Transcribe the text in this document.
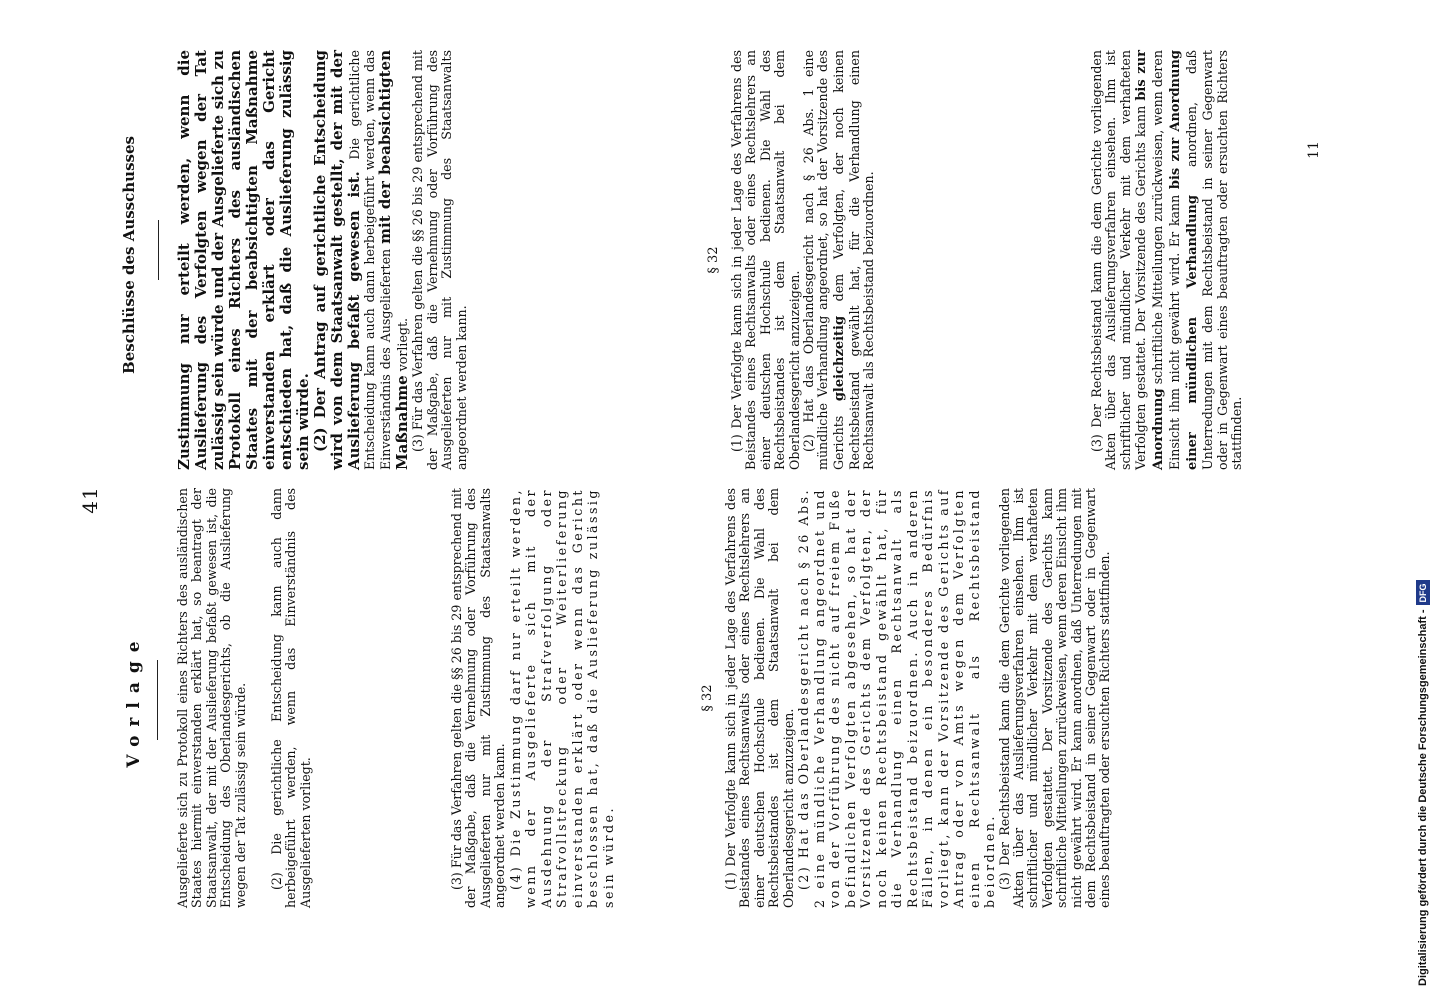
41
Vorlage Ausgelieferte sich zu Protokoll eines Richters des ausländischen Staates hiermit einverstanden erklärt hat, so beantragt der Staatsanwalt, der mit der Auslieferung befaßt gewesen ist, die Entscheidung des Oberlandesgerichts, ob die Auslieferung wegen der Tat zulässig sein würde. (2) Die gerichtliche Entscheidung kann auch dann herbeigeführt werden, wenn das Einverständnis des Ausgelieferten vorliegt.	(3) Für das Verfahren gelten die §§ 26 bis 29 entsprechend mit der Maßgabe, daß die Vernehmung oder Vorführung des Ausgelieferten nur mit Zustimmung des Staatsanwalts angeordnet werden kann. (4) Die Zustimmung darf nur erteilt werden, wenn der Ausgelieferte sich mit der Ausdehnung der Strafverfolgung oder Strafvollstreckung oder Weiterlieferung einverstanden erklärt oder wenn das Gericht beschlossen hat, daß die Auslieferung zulässig sein würde.

§ 32 (1) Der Verfolgte kann sich in jeder Lage des Verfahrens des Beistandes eines Rechtsanwalts oder eines Rechtslehrers an einer deutschen Hochschule bedienen. Die Wahl des Rechtsbeistandes ist dem Staatsanwalt bei dem Oberlandesgericht anzuzeigen. (2) Hat das Oberlandesgericht nach § 26 Abs. 2 eine mündliche Verhandlung angeordnet und von der Vorführung des nicht auf freiem Fuße befindlichen Verfolgten abgesehen, so hat der Vorsitzende des Gerichts dem Verfolgten, der noch keinen Rechtsbeistand gewählt hat, für die Verhandlung einen Rechtsanwalt als Rechtsbeistand beizuordnen. Auch in anderen Fällen, in denen ein besonderes Bedürfnis vorliegt, kann der Vorsitzende des Gerichts auf Antrag oder von Amts wegen dem Verfolgten einen Rechtsanwalt als Rechtsbeistand beiordnen. (3) Der Rechtsbeistand kann die dem Gerichte vorliegenden Akten über das Auslieferungsverfahren einsehen. Ihm ist schriftlicher und mündlicher Verkehr mit dem verhafteten Verfolgten gestattet. Der Vorsitzende des Gerichts kann schriftliche Mitteilungen zurückweisen, wenn deren Einsicht ihm nicht gewährt wird. Er kann anordnen, daß Unterredungen mit dem Rechtsbeistand in seiner Gegenwart oder in Gegenwart eines beauftragten oder ersuchten Richters stattfinden.

Beschlüsse des Ausschusses Zustimmung nur erteilt werden, wenn die Auslieferung des Verfolgten wegen der Tat zulässig sein würde und der Ausgelieferte sich zu Protokoll eines Richters des ausländischen Staates mit der beabsichtigten Maßnahme einverstanden erklärt oder das Gericht entschieden hat, daß die Auslieferung zulässig sein würde. (2) Der Antrag auf gerichtliche Entscheidung wird von dem Staatsanwalt gestellt, der mit der Auslieferung befaßt gewesen ist. Die gerichtliche Entscheidung kann auch dann herbeigeführt werden, wenn das Einverständnis des Ausgelieferten mit der beabsichtigten Maßnahme vorliegt. (3) Für das Verfahren gelten die §§ 26 bis 29 entsprechend mit der Maßgabe, daß die Vernehmung oder Vorführung des Ausgelieferten nur mit Zustimmung des Staatsanwalts angeordnet werden kann.

§ 32 (1) Der Verfolgte kann sich in jeder Lage des Verfahrens des Beistandes eines Rechtsanwalts oder eines Rechtslehrers an einer deutschen Hochschule bedienen. Die Wahl des Rechtsbeistandes ist dem Staatsanwalt bei dem Oberlandesgericht anzuzeigen. (2) Hat das Oberlandesgericht nach § 26 Abs. 1 eine mündliche Verhandlung angeordnet, so hat der Vorsitzende des Gerichts gleichzeitig dem Verfolgten, der noch keinen Rechtsbeistand gewählt hat, für die Verhandlung einen Rechtsanwalt als Rechtsbeistand beizuordnen.	(3) Der Rechtsbeistand kann die dem Gerichte vorliegenden Akten über das Auslieferungsverfahren einsehen. Ihm ist schriftlicher und mündlicher Verkehr mit dem verhafteten Verfolgten gestattet. Der Vorsitzende des Gerichts kann bis zur Anordnung schriftliche Mitteilungen zurückweisen, wenn deren Einsicht ihm nicht gewährt wird. Er kann bis zur Anordnung einer mündlichen Verhandlung anordnen, daß Unterredungen mit dem Rechtsbeistand in seiner Gegenwart oder in Gegenwart eines beauftragten oder ersuchten Richters stattfinden.

11
Digitalisierung gefördert durch die Deutsche Forschungsgemeinschaft -DFG
